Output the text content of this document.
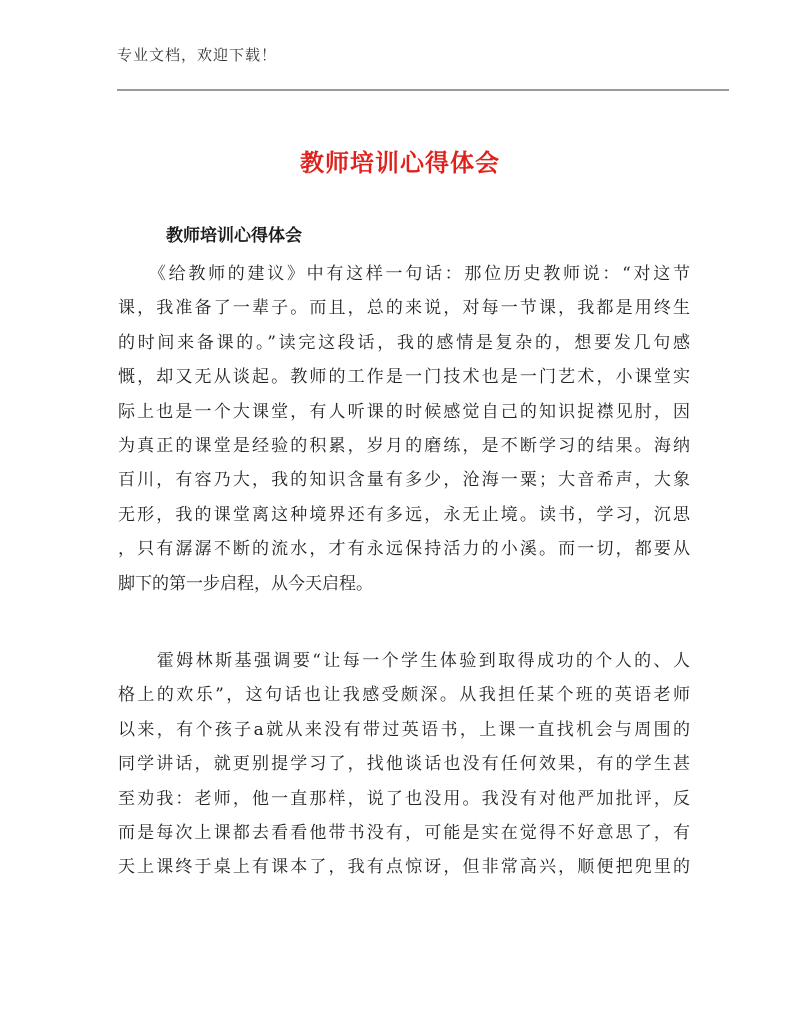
专业文档，欢迎下载！
教师培训心得体会
教师培训心得体会
　　《给教师的建议》中有这样一句话：那位历史教师说：“对这节
课，我准备了一辈子。而且，总的来说，对每一节课，我都是用终生
的时间来备课的。”读完这段话，我的感情是复杂的，想要发几句感
慨，却又无从谈起。教师的工作是一门技术也是一门艺术，小课堂实
际上也是一个大课堂，有人听课的时候感觉自己的知识捉襟见肘，因
为真正的课堂是经验的积累，岁月的磨练，是不断学习的结果。海纳
百川，有容乃大，我的知识含量有多少，沧海一粟；大音希声，大象
无形，我的课堂离这种境界还有多远，永无止境。读书，学习，沉思
，只有潺潺不断的流水，才有永远保持活力的小溪。而一切，都要从
脚下的第一步启程，从今天启程。
　　霍姆林斯基强调要“让每一个学生体验到取得成功的个人的、人
格上的欢乐”，这句话也让我感受颇深。从我担任某个班的英语老师
以来，有个孩子a就从来没有带过英语书，上课一直找机会与周围的
同学讲话，就更别提学习了，找他谈话也没有任何效果，有的学生甚
至劝我：老师，他一直那样，说了也没用。我没有对他严加批评，反
而是每次上课都去看看他带书没有，可能是实在觉得不好意思了，有
天上课终于桌上有课本了，我有点惊讶，但非常高兴，顺便把兜里的
